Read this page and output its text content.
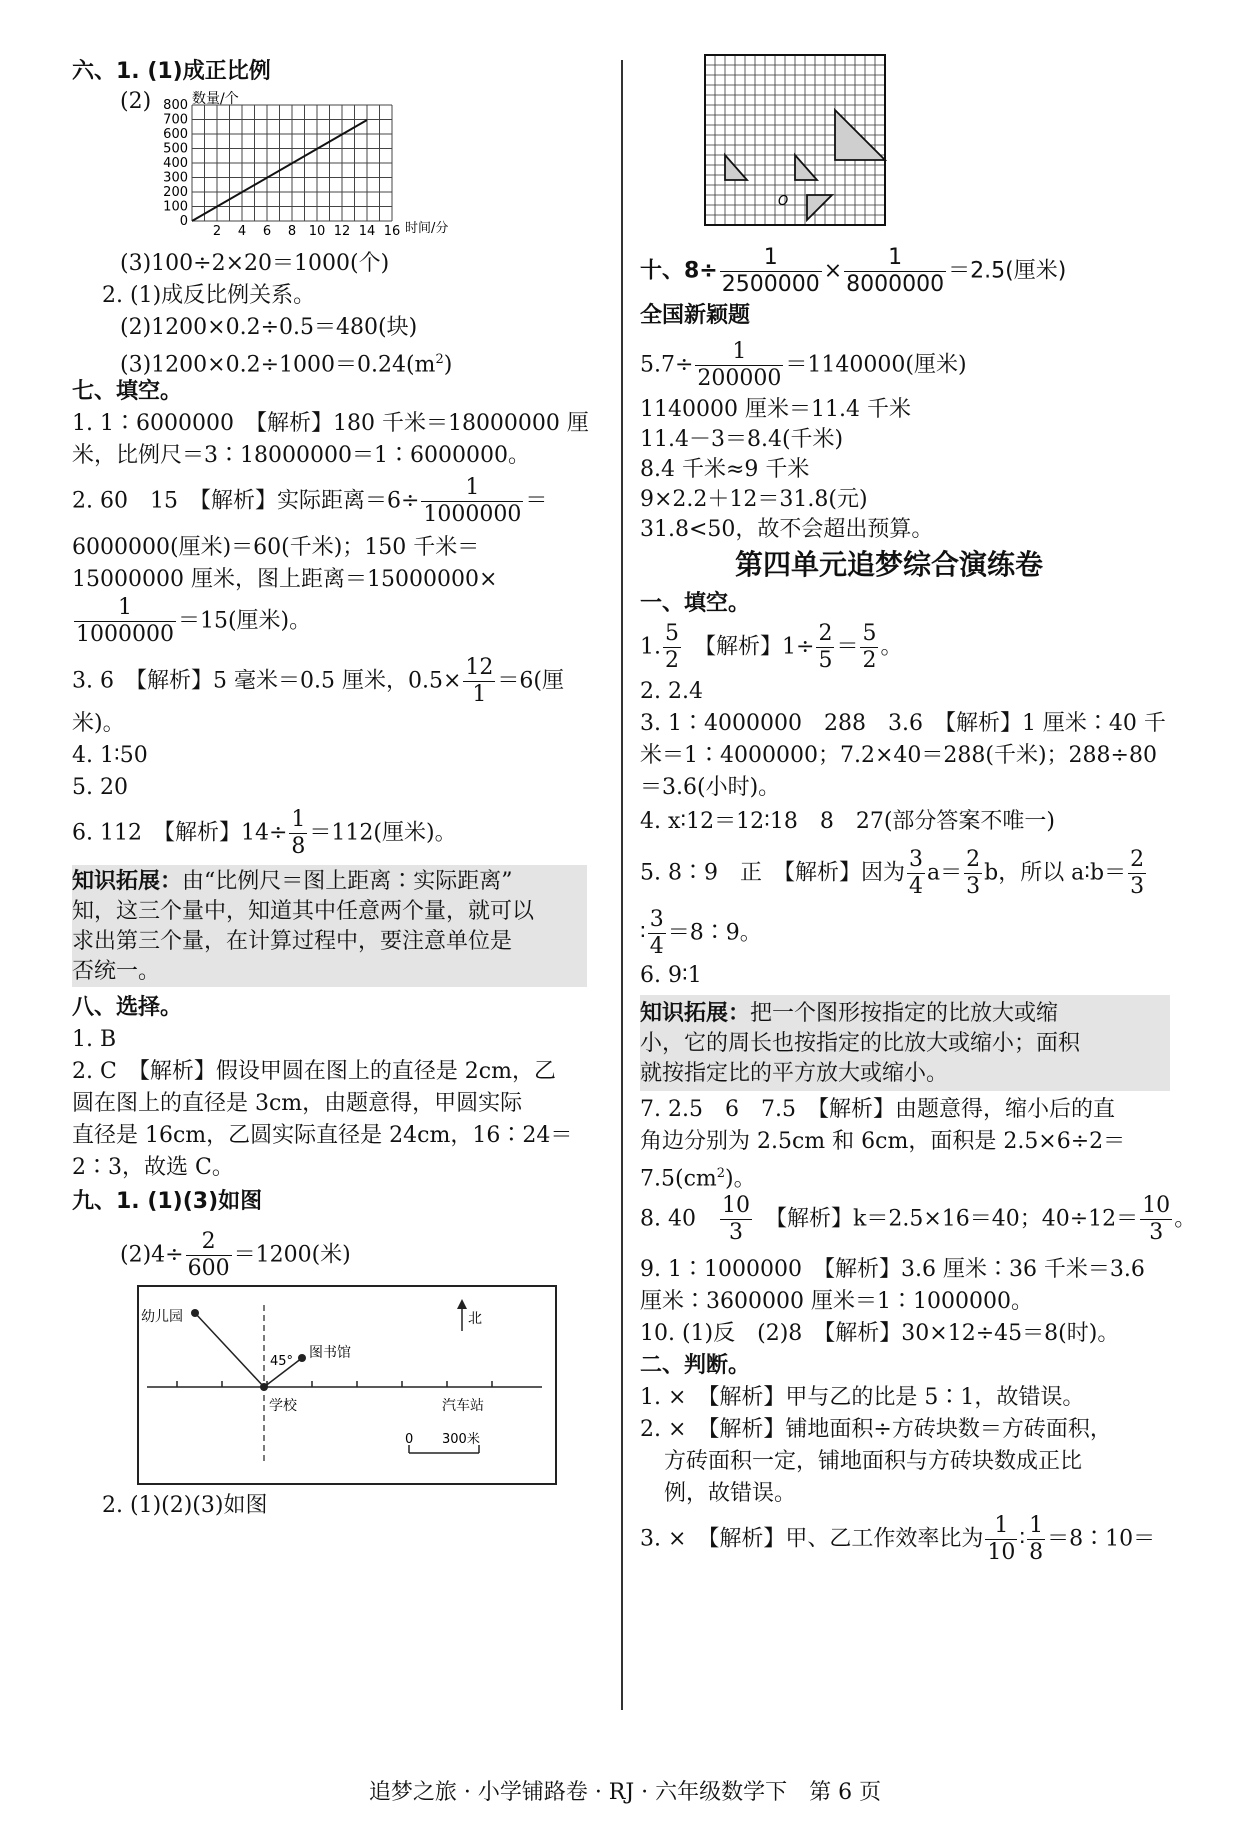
六、1. (1)成正比例
(2)	数量/个
800
700
600
500
400
300
200
100
0
2 4 6 8 10 12 14 16 时间/分
(3)100÷2×20＝1000(个)
2. (1)成反比例关系。
(2)1200×0.2÷0.5＝480(块)
$(3)1200\times 0.2\div 1000=0.24(m^2)$
七、填空。
1. 1∶6000000　【解析】180 千米＝18000000 厘
米，比例尺＝3∶18000000＝1∶6000000。
2. 60　15　【解析】实际距离$=6\div \frac{1}{1000000}$ ＝
6000000(厘米)＝60(千米)；150 千米＝
15000000 厘米，图上距离＝15000000×
$\frac{1}{1000000} =15$(厘米)。
3. 6　【解析】5 毫米＝0.5 厘米，$0.5\times \frac{12}{1} =6$(厘
米)。
4. 1∶50
5. 20
6. 112　【解析】$14\div \frac{1}{8} =112$(厘米)。
知识拓展：由“比例尺＝图上距离∶实际距离”
知，这三个量中，知道其中任意两个量，就可以
求出第三个量，在计算过程中，要注意单位是
否统一。
八、选择。
1. B
2. C　【解析】假设甲圆在图上的直径是 2cm，乙
圆在图上的直径是 3cm，由题意得，甲圆实际
直径是 16cm，乙圆实际直径是 24cm，16∶24＝
2∶3，故选 C。
九、1. (1)(3)如图
$(2)4\div \frac{2}{600} =1200$(米)
幼儿园	北
45°
图书馆
学校	汽车站
0 300米
2. (1)(2)(3)如图
O
十、$8\div \frac{1}{2500000} \times \frac{1}{8000000} =2.5$(厘米)
全国新颖题
$5.7\div \frac{1}{200000} =1140000$(厘米)
1140000 厘米＝11.4 千米
11.4－3＝8.4(千米)
8.4 千米≈9 千米
9×2.2＋12＝31.8(元)
31.8<50，故不会超出预算。
第四单元追梦综合演练卷
一、填空。
1. $\frac{5}{2}$
　 【解析】$1\div \frac{2}{5} = \frac{5}{2}$ 。
2. 2.4
3. 1∶4000000　288　3.6　【解析】1 厘米∶40 千
米＝1∶4000000；7.2×40＝288(千米)；288÷80
＝3.6(小时)。
4. x∶12＝12∶18　8　27(部分答案不唯一)
5. 8∶9　正　【解析】因为 $\frac{3}{4} a= \frac{2}{3}$ b，所以 a∶b＝ $\frac{2}{3}$
∶ $\frac{3}{4}$ ＝8∶9。
6. 9∶1
知识拓展：把一个图形按指定的比放大或缩
小，它的周长也按指定的比放大或缩小；面积
就按指定比的平方放大或缩小。
7. 2.5　6　7.5　【解析】由题意得，缩小后的直
角边分别为 2.5cm 和 6cm，面积是 2.5×6÷2＝
$7.5(cm^2)$。
8. 40　 $\frac{10}{3}$
　 【解析】k＝2.5×16＝40；$40\div 12= \frac{10}{3}$ 。
9. 1∶1000000　【解析】3.6 厘米∶36 千米＝3.6
厘米∶3600000 厘米＝1∶1000000。
10. (1)反　(2)8　【解析】30×12÷45＝8(时)。
二、判断。
1. ×　【解析】甲与乙的比是 5∶1，故错误。
2. ×　【解析】铺地面积÷方砖块数＝方砖面积，
方砖面积一定，铺地面积与方砖块数成正比
例，故错误。
3. ×　【解析】甲、乙工作效率比为 $\frac{1}{10}$ ∶ $\frac{1}{8}$ ＝8∶10＝
追梦之旅 · 小学铺路卷 · RJ · 六年级数学下　第 6 页
